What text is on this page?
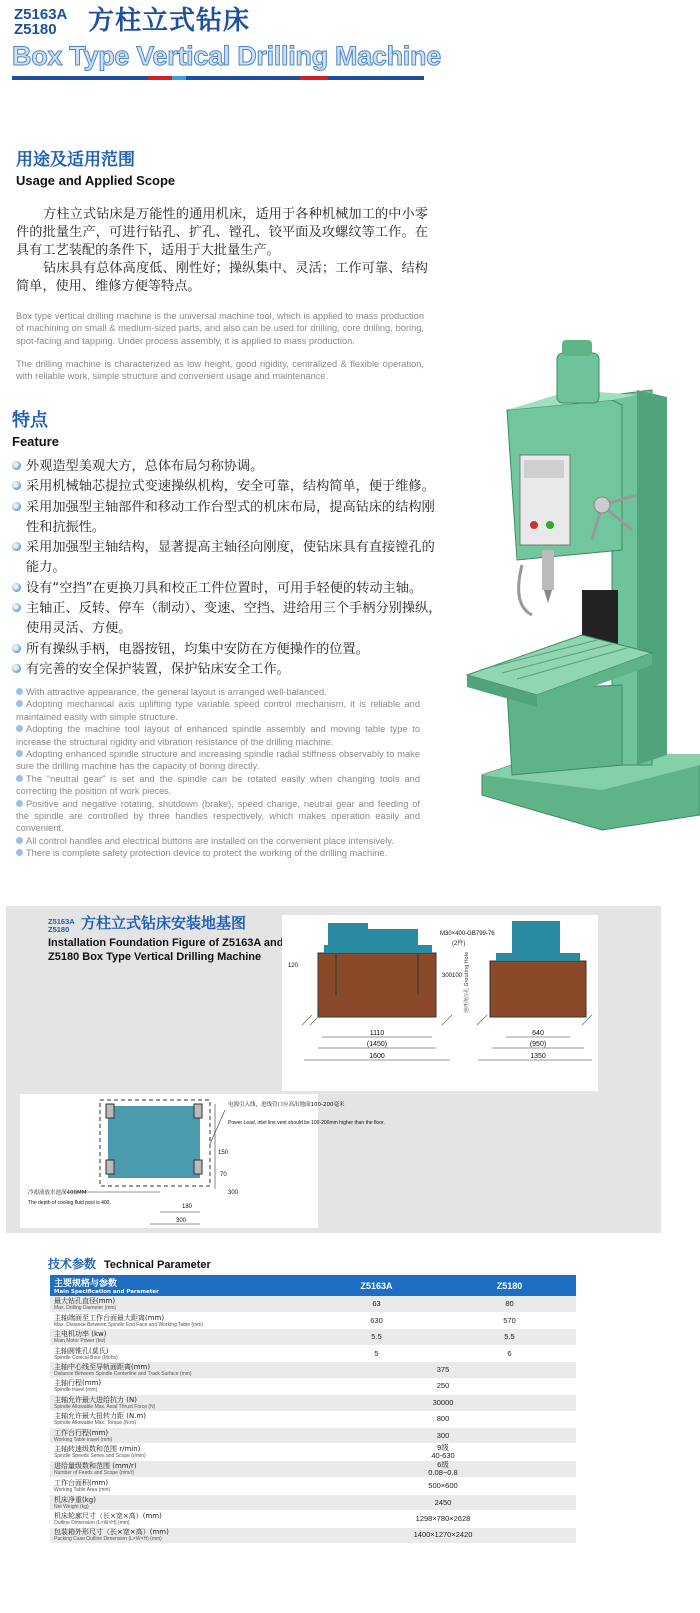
Z5163A
Z5180	方柱立式钻床
Box Type Vertical Drilling Machine
用途及适用范围
Usage and Applied Scope
方柱立式钻床是万能性的通用机床，适用于各种机械加工的中小零件的批量生产，可进行钻孔、扩孔、镗孔、铰平面及攻螺纹等工作。在具有工艺装配的条件下，适用于大批量生产。
钻床具有总体高度低、刚性好；操纵集中、灵活；工作可靠、结构简单，使用、维修方便等特点。
Box type vertical drilling machine is the universal machine tool, which is applied to mass production of machining on small & medium-sized parts, and also can be used for drilling, core drilling, boring, spot-facing and tapping. Under process assembly, it is applied to mass production.
The drilling machine is characterized as low height, good rigidity, centralized & flexible operation, with reliable work, simple structure and convenient usage and maintenance.
特点
Feature
外观造型美观大方，总体布局匀称协调。
采用机械轴芯提拉式变速操纵机构，安全可靠，结构简单，便于维修。
采用加强型主轴部件和移动工作台型式的机床布局，提高钻床的结构刚性和抗振性。
采用加强型主轴结构，显著提高主轴径向刚度，使钻床具有直接镗孔的能力。
设有“空挡”在更换刀具和校正工件位置时，可用手轻便的转动主轴。
主轴正、反转、停车（制动）、变速、空挡、进给用三个手柄分别操纵，使用灵活、方便。
所有操纵手柄，电器按钮，均集中安防在方便操作的位置。
有完善的安全保护装置，保护钻床安全工作。
With attractive appearance, the general layout is arranged well-balanced.
Adopting mechanical axis uplifting type variable speed control mechanism, it is reliable and maintained easily with simple structure.
Adopting the machine tool layout of enhanced spindle assembly and moving table type to increase the structural rigidity and vibration resistance of the drilling machine.
Adopting enhanced spindle structure and increasing spindle radial stiffness observably to make sure the drilling machine has the capacity of boring directly.
The “neutral gear” is set and the spindle can be rotated easily when changing tools and correcting the position of work pieces.
Positive and negative rotating, shutdown (brake), speed change, neutral gear and feeding of the spindle are controlled by three handles respectively, which makes operation easily and convenient.
All control handles and electrical buttons are installed on the convenient place intensively.
There is complete safety protection device to protect the working of the drilling machine.
Z5163A
Z5180 方柱立式钻床安装地基图
Installation Foundation Figure of Z5163A and Z5180 Box Type Vertical Drilling Machine
1110
(1450)
1600
640
(950)
1350
120
300 100
M30×400-GB799-76
(2件)
地坪浇注孔 Grouting Hole
150
70
300
180
300
电源引入线，进线管口应高出地面100-200毫米
Power Lead, inlet line vent should be 100-200mm higher than the floor.
冷却液放水池深400MM
The depth of cooling fluid pool is 400.
技术参数 Technical Parameter
主要规格与参数
Main Specification and Parameter	Z5163A	Z5180
最大钻孔直径(mm)
Max. Drilling Diameter (mm)	63	80
主轴端面至工作台面最大距离(mm)
Max. Distance Between Spindle End Face and Working Table (mm)	630	570
主电机功率 (kw)
Main Motor Power (kw)	5.5	5.5
主轴圆锥孔(莫氏)
Spindle Conical Bore (Mohs)	5	6
主轴中心线至导轨面距离(mm)
Distance Between Spindle Centerline and Track Surface (mm)	375	
主轴行程(mm)
Spindle travel (mm)	250	
主轴允许最大进给抗力 (N)
Spindle Allowable Max. Axial Thrust Force (N)	30000	
主轴允许最大扭转力距 (N.m)
Spindle Allowable Max. Torque (N.m)	800	
工作台行程(mm)
Working Table travel (mm)	300	
主轴转速级数和范围 r/min)
Spindle Speeds Series and Scope (r/min)	9级
40-630	

进给量级数和范围 (mm/r)
Number of Feeds and Scope (mm/r)	6级
0.08~0.8	

工作台面积(mm)
Working Table Area (mm)	500×600	
机床净重(kg)
Net Weight (kg)	2450	
机床轮廓尺寸（长×宽×高）(mm)
Outline Dimension (L×W×H) (mm)	1298×780×2628	
包装箱外形尺寸（长×宽×高）(mm)
Packing Case Outline Dimension (L×W×H) (mm)	1400×1270×2420	
